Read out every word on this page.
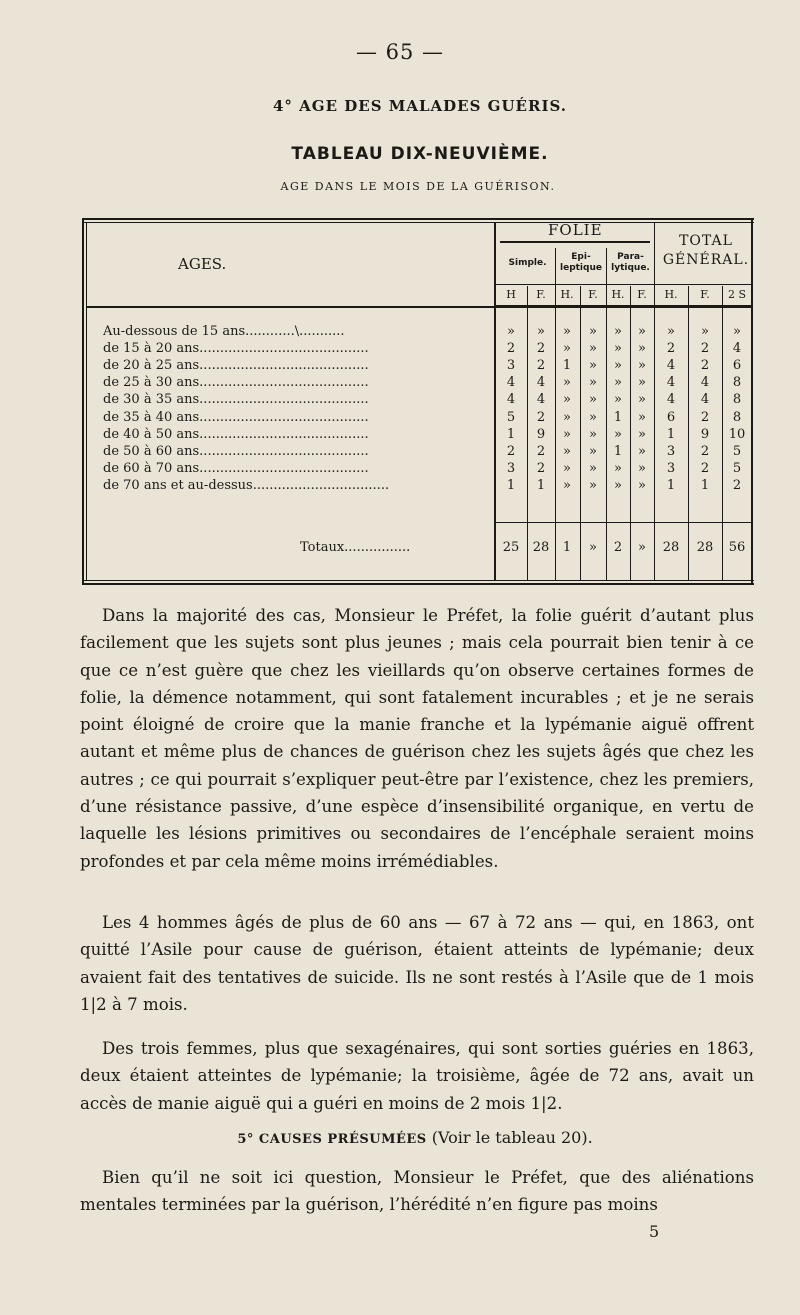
— 65 —
4° AGE DES MALADES GUÉRIS.
TABLEAU DIX-NEUVIÈME.
AGE DANS LE MOIS DE LA GUÉRISON.
AGES.
FOLIE
Simple.
Epi-
leptique
Para-
lytique.
TOTAL
GÉNÉRAL.
H	F.	H.	F.	H.	F.	H.	F.	2 S
Au-dessous de 15 ans............\...........	»	»	»	»	»	»	»	»	»
de 15 à 20 ans.........................................	2	2	»	»	»	»	2	2	4
de 20 à 25 ans.........................................	3	2	1	»	»	»	4	2	6
de 25 à 30 ans.........................................	4	4	»	»	»	»	4	4	8
de 30 à 35 ans.........................................	4	4	»	»	»	»	4	4	8
de 35 à 40 ans.........................................	5	2	»	»	1	»	6	2	8
de 40 à 50 ans.........................................	1	9	»	»	»	»	1	9	10
de 50 à 60 ans.........................................	2	2	»	»	1	»	3	2	5
de 60 à 70 ans.........................................	3	2	»	»	»	»	3	2	5
de 70 ans et au-dessus.................................	1	1	»	»	»	»	1	1	2
Totaux................	25	28	1	»	2	»	28	28	56
Dans la majorité des cas, Monsieur le Préfet, la folie guérit d’autant plus facilement que les sujets sont plus jeunes ; mais cela pourrait bien tenir à ce que ce n’est guère que chez les vieillards qu’on observe certaines formes de folie, la démence notamment, qui sont fatalement incurables ; et je ne serais point éloigné de croire que la manie franche et la lypémanie aiguë offrent autant et même plus de chances de guérison chez les sujets âgés que chez les autres ; ce qui pourrait s’expliquer peut-être par l’existence, chez les premiers, d’une résistance passive, d’une espèce d’insensibilité organique, en vertu de laquelle les lésions primitives ou secondaires de l’encéphale seraient moins profondes et par cela même moins irrémédiables.
Les 4 hommes âgés de plus de 60 ans — 67 à 72 ans — qui, en 1863, ont quitté l’Asile pour cause de guérison, étaient atteints de lypémanie; deux avaient fait des tentatives de suicide. Ils ne sont restés à l’Asile que de 1 mois 1|2 à 7 mois.
Des trois femmes, plus que sexagénaires, qui sont sorties guéries en 1863, deux étaient atteintes de lypémanie; la troisième, âgée de 72 ans, avait un accès de manie aiguë qui a guéri en moins de 2 mois 1|2.
5° CAUSES PRÉSUMÉES (Voir le tableau 20).
Bien qu’il ne soit ici question, Monsieur le Préfet, que des aliénations mentales terminées par la guérison, l’hérédité n’en figure pas moins
5
